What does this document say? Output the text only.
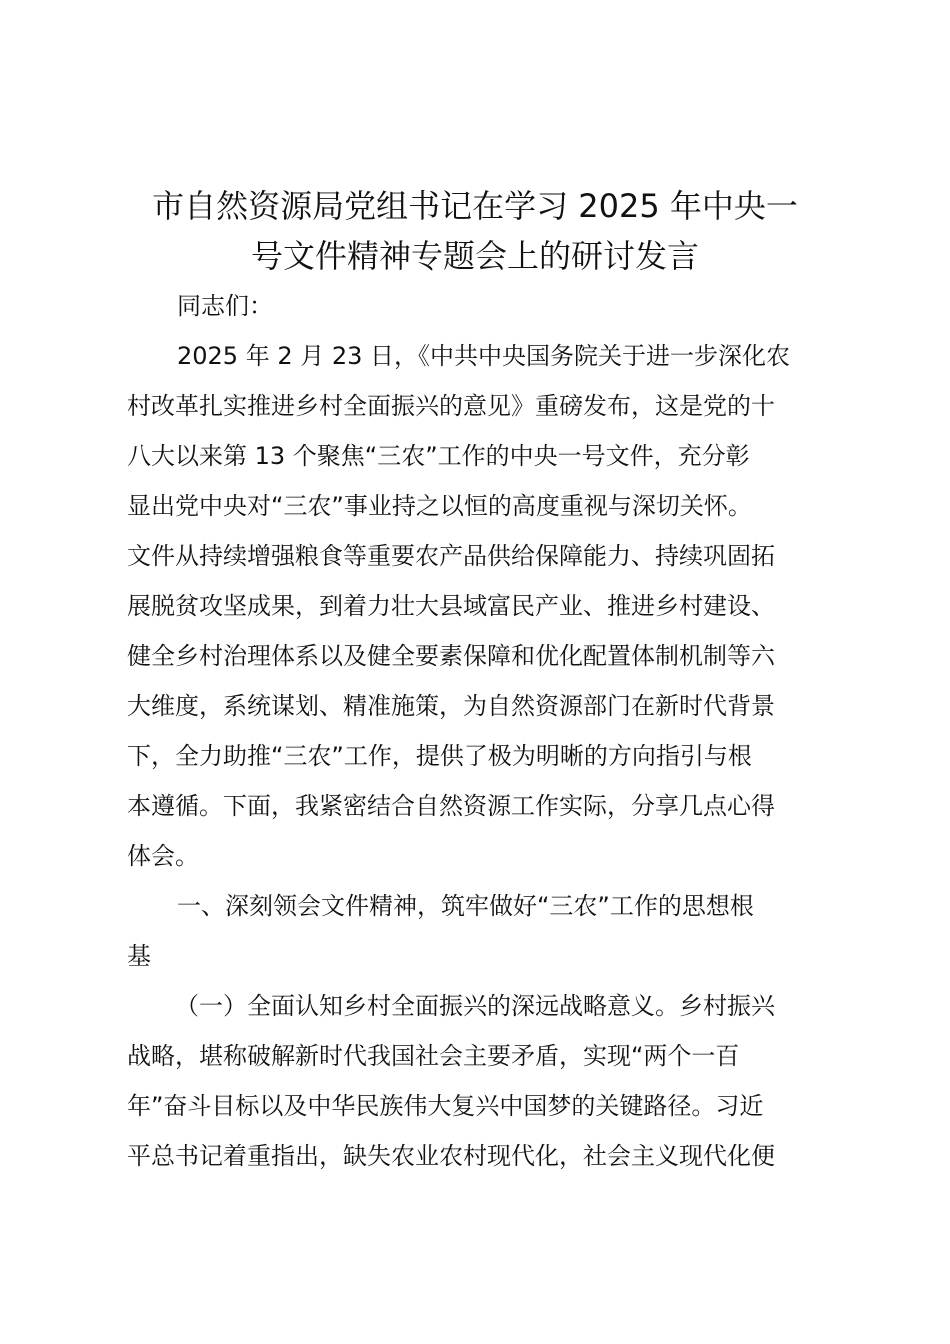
市自然资源局党组书记在学习 2025 年中央一
号文件精神专题会上的研讨发言
同志们：
2025 年 2 月 23 日，《中共中央国务院关于进一步深化农
村改革扎实推进乡村全面振兴的意见》重磅发布，这是党的十
八大以来第 13 个聚焦“三农”工作的中央一号文件，充分彰
显出党中央对“三农”事业持之以恒的高度重视与深切关怀。
文件从持续增强粮食等重要农产品供给保障能力、持续巩固拓
展脱贫攻坚成果，到着力壮大县域富民产业、推进乡村建设、
健全乡村治理体系以及健全要素保障和优化配置体制机制等六
大维度，系统谋划、精准施策，为自然资源部门在新时代背景
下，全力助推“三农”工作，提供了极为明晰的方向指引与根
本遵循。下面，我紧密结合自然资源工作实际，分享几点心得
体会。
一、深刻领会文件精神，筑牢做好“三农”工作的思想根
基
（一）全面认知乡村全面振兴的深远战略意义。乡村振兴
战略，堪称破解新时代我国社会主要矛盾，实现“两个一百
年”奋斗目标以及中华民族伟大复兴中国梦的关键路径。习近
平总书记着重指出，缺失农业农村现代化，社会主义现代化便
